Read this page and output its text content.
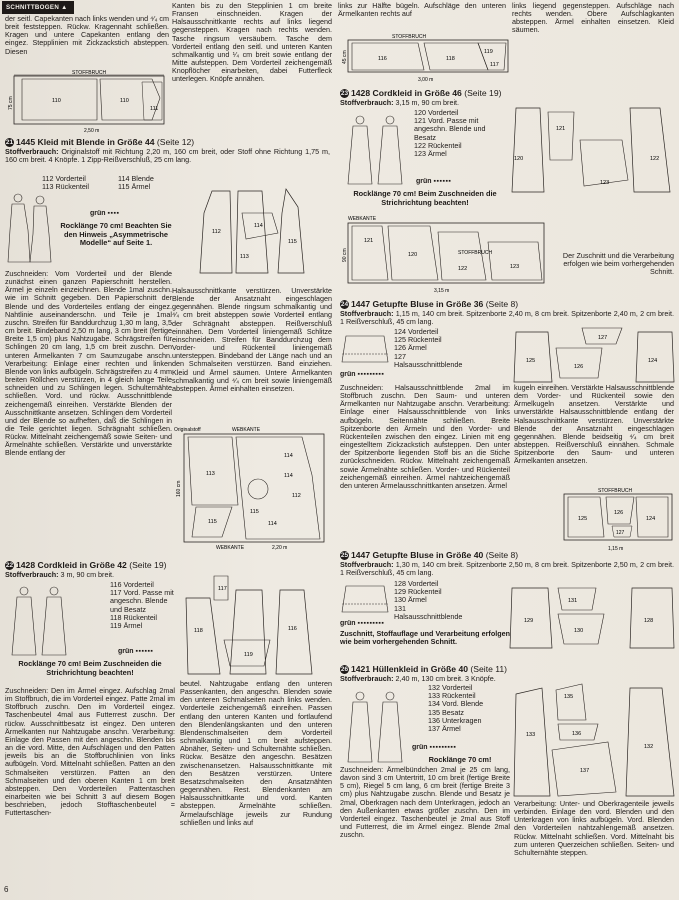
SCHNITTBOGEN ▲
der seitl. Capekanten nach links wenden und ⁴⁄₄ cm breit feststeppen. Rückw. Kragennaht schließen. Kragen und untere Capekanten entlang den eingez. Stepplinien mit Zickzackstich absteppen. Diesen
Kanten bis zu den Stepplinien 1 cm breite Fransen einschneiden. Kragen der Halsausschnittkante rechts auf links liegend gegensteppen. Kragen nach rechts wenden. Tasche ringsum versäubern. Tasche dem Vorderteil entlang den seitl. und unteren Kanten schmalkantig und ¹⁄₄ cm breit sowie entlang der Mitte aufsteppen. Dem Vorderteil zeichengemäß Knopflöcher einarbeiten, dabei Futterfleck unterlegen. Knöpfe annähen.
STOFFBRUCH
110	110
111
75 cm
2,50 m
21 1445 Kleid mit Blende in Größe 44 (Seite 12)
Stoffverbrauch: Originalstoff mit Richtung 2,20 m, 160 cm breit, oder Stoff ohne Richtung 1,75 m, 160 cm breit. 4 Knöpfe. 1 Zipp-Reißverschluß, 25 cm lang.
112 Vorderteil
113 Rückenteil
114 Blende
115 Ärmel
112
113
114
115
grün ▪▪▪▪
Rocklänge 70 cm! Beachten Sie den Hinweis „Asymmetrische Modelle“ auf Seite 1.
Zuschneiden: Vom Vorderteil und der Blende zunächst einen ganzen Papierschnitt herstellen. Ärmel je einzeln einzeichnen. Blende 1mal zuschn. wie im Schnitt gegeben. Den Papierschnitt der Blende und des Vorderteiles entlang der eingez. Nahtlinie auseinanderschn. und Teile je 1mal zuschn. Streifen für Banddurchzug 1,30 m lang, 3,5 cm breit. Bindeband 2,50 m lang, 3 cm breit (fertige Breite 1,5 cm) plus Nahtzugabe. Schrägstreifen für Schlingen 20 cm lang, 1,5 cm breit zuschn. Den unteren Ärmelkanten 7 cm Saumzugabe anschn. Verarbeitung: Einlage einer rechten und linken Blende von links aufbügeln. Schrägstreifen zu 4 mm breiten Röllchen verstürzen, in 4 gleich lange Teile schneiden und zu Schlingen legen. Schulternähte schließen. Vord. und rückw. Ausschnittblende zeichengemäß einreihen. Verstärkte Blenden der Ausschnittkante ansetzen. Schlingen dem Vorderteil und der Blende so aufheften, daß die Schlingen in die Teile gerichtet liegen. Schrägnaht schließen. Rückw. Mittelnaht zeichengemäß sowie Seiten- und Ärmelnähte schließen. Verstärkte und unverstärkte Blende entlang der
Halsausschnittkante verstürzen. Unverstärkte Blende der Ansatznaht eingeschlagen gegennähen. Blende ringsum schmalkantig und ⁴⁄₄ cm breit absteppen sowie Vorderteil entlang der Schrägnaht absteppen. Reißverschluß einnähen. Dem Vorderteil liniengemäß Schlitze einschneiden. Streifen für Banddurchzug dem Vorder- und Rückenteil liniengemäß untersteppen. Bindeband der Länge nach und an den Schmalseiten verstürzen. Band einziehen. Kleid und Ärmel säumen. Untere Ärmelkanten schmalkantig und ⁴⁄₄ cm breit sowie liniengemäß absteppen. Ärmel einhalten einsetzen.
Originalstoff	WEBKANTE
113
114
114
112
115
115	114
160 cm
WEBKANTE	2,20 m
22 1428 Cordkleid in Größe 42 (Seite 19)
Stoffverbrauch: 3 m, 90 cm breit.
116 Vorderteil
117 Vord. Passe mit angeschn. Blende und Besatz
118 Rückenteil
119 Ärmel
117
118	116
119
grün ▪▪▪▪▪▪
Rocklänge 70 cm! Beim Zuschneiden die Strichrichtung beachten!
Zuschneiden: Den im Ärmel eingez. Aufschlag 2mal im Stoffbruch, die im Vorderteil eingez. Patte 2mal im Stoffbruch zuschn. Den im Vorderteil eingez. Taschenbeutel 4mal aus Futterrest zuschn. Der rückw. Ausschnittbesatz ist eingez. Den unteren Ärmelkanten nur Nahtzugabe anschn. Verarbeitung: Einlage den Passen mit den angeschn. Blenden bis an die vord. Mitte, den Aufschlägen und den Patten jeweils bis an die Stoffbruchlinien von links aufbügeln. Vord. Mittelnaht schließen. Patten an den Schmalseiten verstürzen. Patten an den Schmalseiten und den oberen Kanten 1 cm breit absteppen. Den Vorderteilen Pattentaschen einarbeiten wie bei Schnitt 3 auf diesem Bogen beschrieben, jedoch Stofftaschenbeutel = Futtertaschen-
beutel. Nahtzugabe entlang den unteren Passenkanten, den angeschn. Blenden sowie den unteren Schmalseiten nach links wenden. Vorderteile zeichengemäß einreihen. Passen entlang den unteren Kanten und fortlaufend den Blendenlängskanten und den unteren Blendenschmalseiten dem Vorderteil schmalkantig und 1 cm breit aufsteppen. Abnäher, Seiten- und Schulternähte schließen. Rückw. Besätze den angeschn. Besätzen zwischenansetzen. Halsausschnittkante mit den Besätzen verstürzen. Untere Besatzschmalseiten den Ansatznähten gegennähen. Rest. Blendenkanten am Halsausschnittkante und vord. Kanten absteppen. Ärmelnähte schließen. Ärmelaufschläge jeweils zur Rundung schließen und links auf
links zur Hälfte bügeln. Aufschläge den unteren Ärmelkanten rechts auf
links liegend gegensteppen. Aufschläge nach rechts wenden. Obere Aufschlagkanten absteppen. Ärmel einhalten einsetzen. Kleid säumen.
STOFFBRUCH
116	118
119
117
45 cm
3,00 m
23 1428 Cordkleid in Größe 46 (Seite 19)
Stoffverbrauch: 3,15 m, 90 cm breit.
120 Vorderteil
121 Vord. Passe mit angeschn. Blende und Besatz
122 Rückenteil
123 Ärmel
121
123
120	122
grün ▪▪▪▪▪▪
Rocklänge 70 cm! Beim Zuschneiden die Strichrichtung beachten!
WEBKANTE
STOFFBRUCH
121
120
122	123
90 cm
3,15 m
Der Zuschnitt und die Verarbeitung erfolgen wie beim vorhergehenden Schnitt.
24 1447 Getupfte Bluse in Größe 36 (Seite 8)
Stoffverbrauch: 1,15 m, 140 cm breit. Spitzenborte 2,40 m, 8 cm breit. Spitzenborte 2,40 m, 2 cm breit. 1 Reißverschluß, 45 cm lang.
124 Vorderteil
125 Rückenteil
126 Ärmel
127 Halsausschnittblende
127
125
126
124
grün ▪▪▪▪▪▪▪▪▪
Zuschneiden: Halsausschnittblende 2mal im Stoffbruch zuschn. Den Saum- und unteren Ärmelkanten nur Nahtzugabe anschn. Verarbeitung: Einlage einer Halsausschnittblende von links aufbügeln. Seitennähte schließen. Breite Spitzenborte den Ärmeln und den Vorder- und Rückenteilen zwischen den eingez. Linien mit eng eingestelltem Zickzackstich aufsteppen. Den unter der Spitzenborte liegenden Stoff bis an die Stiche zurückschneiden. Rückw. Mittelnaht zeichengemäß sowie Ärmelnähte schließen. Vorder- und Rückenteil zeichengemäß einreihen. Ärmel nahtzeichengemäß den unteren Ärmelausschnittkanten ansetzen. Ärmel
kugeln einreihen. Verstärkte Halsausschnittblende dem Vorder- und Rückenteil sowie den Ärmelkugeln ansetzen. Verstärkte und unverstärkte Halsausschnittblende entlang der Halsausschnittkante verstürzen. Unverstärkte Blende der Ansatznaht eingeschlagen gegennähen. Blende beidseitig ⁴⁄₄ cm breit absteppen. Reißverschluß einnähen. Schmale Spitzenborte den Saum- und unteren Ärmelkanten ansetzen.
STOFFBRUCH
125
126
124
127
1,15 m
25 1447 Getupfte Bluse in Größe 40 (Seite 8)
Stoffverbrauch: 1,30 m, 140 cm breit. Spitzenborte 2,50 m, 8 cm breit. Spitzenborte 2,50 m, 2 cm breit. 1 Reißverschluß, 45 cm lang.
128 Vorderteil
129 Rückenteil
130 Ärmel
131 Halsausschnittblende
131
129
130
128
grün ▪▪▪▪▪▪▪▪▪
Zuschnitt, Stoffauflage und Verarbeitung erfolgen wie beim vorhergehenden Schnitt.
26 1421 Hüllenkleid in Größe 40 (Seite 11)
Stoffverbrauch: 2,40 m, 130 cm breit. 3 Knöpfe.
132 Vorderteil
133 Rückenteil
134 Vord. Blende
135 Besatz
136 Unterkragen
137 Ärmel
135
133	136
137
132
grün ▪▪▪▪▪▪▪▪▪
Rocklänge 70 cm!
Zuschneiden: Ärmelbündchen 2mal je 25 cm lang, davon sind 3 cm Untertritt, 10 cm breit (fertige Breite 5 cm), Riegel 5 cm lang, 6 cm breit (fertige Breite 3 cm) plus Nahtzugabe zuschn. Blende und Besatz je 2mal, Oberkragen nach dem Unterkragen, jedoch an den Außenkanten etwas größer zuschn. Den im Vorderteil eingez. Taschenbeutel je 2mal aus Stoff und Futterrest, die im Ärmel eingez. Blende 2mal zuschn.
Verarbeitung: Unter- und Oberkragenteile jeweils verbinden. Einlage den vord. Blenden und den Unterkragen von links aufbügeln. Vord. Blenden den Vorderteilen nahtzahlengemäß ansetzen. Rückw. Mittelnaht schließen. Vord. Mittelnaht bis zum unteren Querzeichen schließen. Seiten- und Schulternähte steppen.
6
